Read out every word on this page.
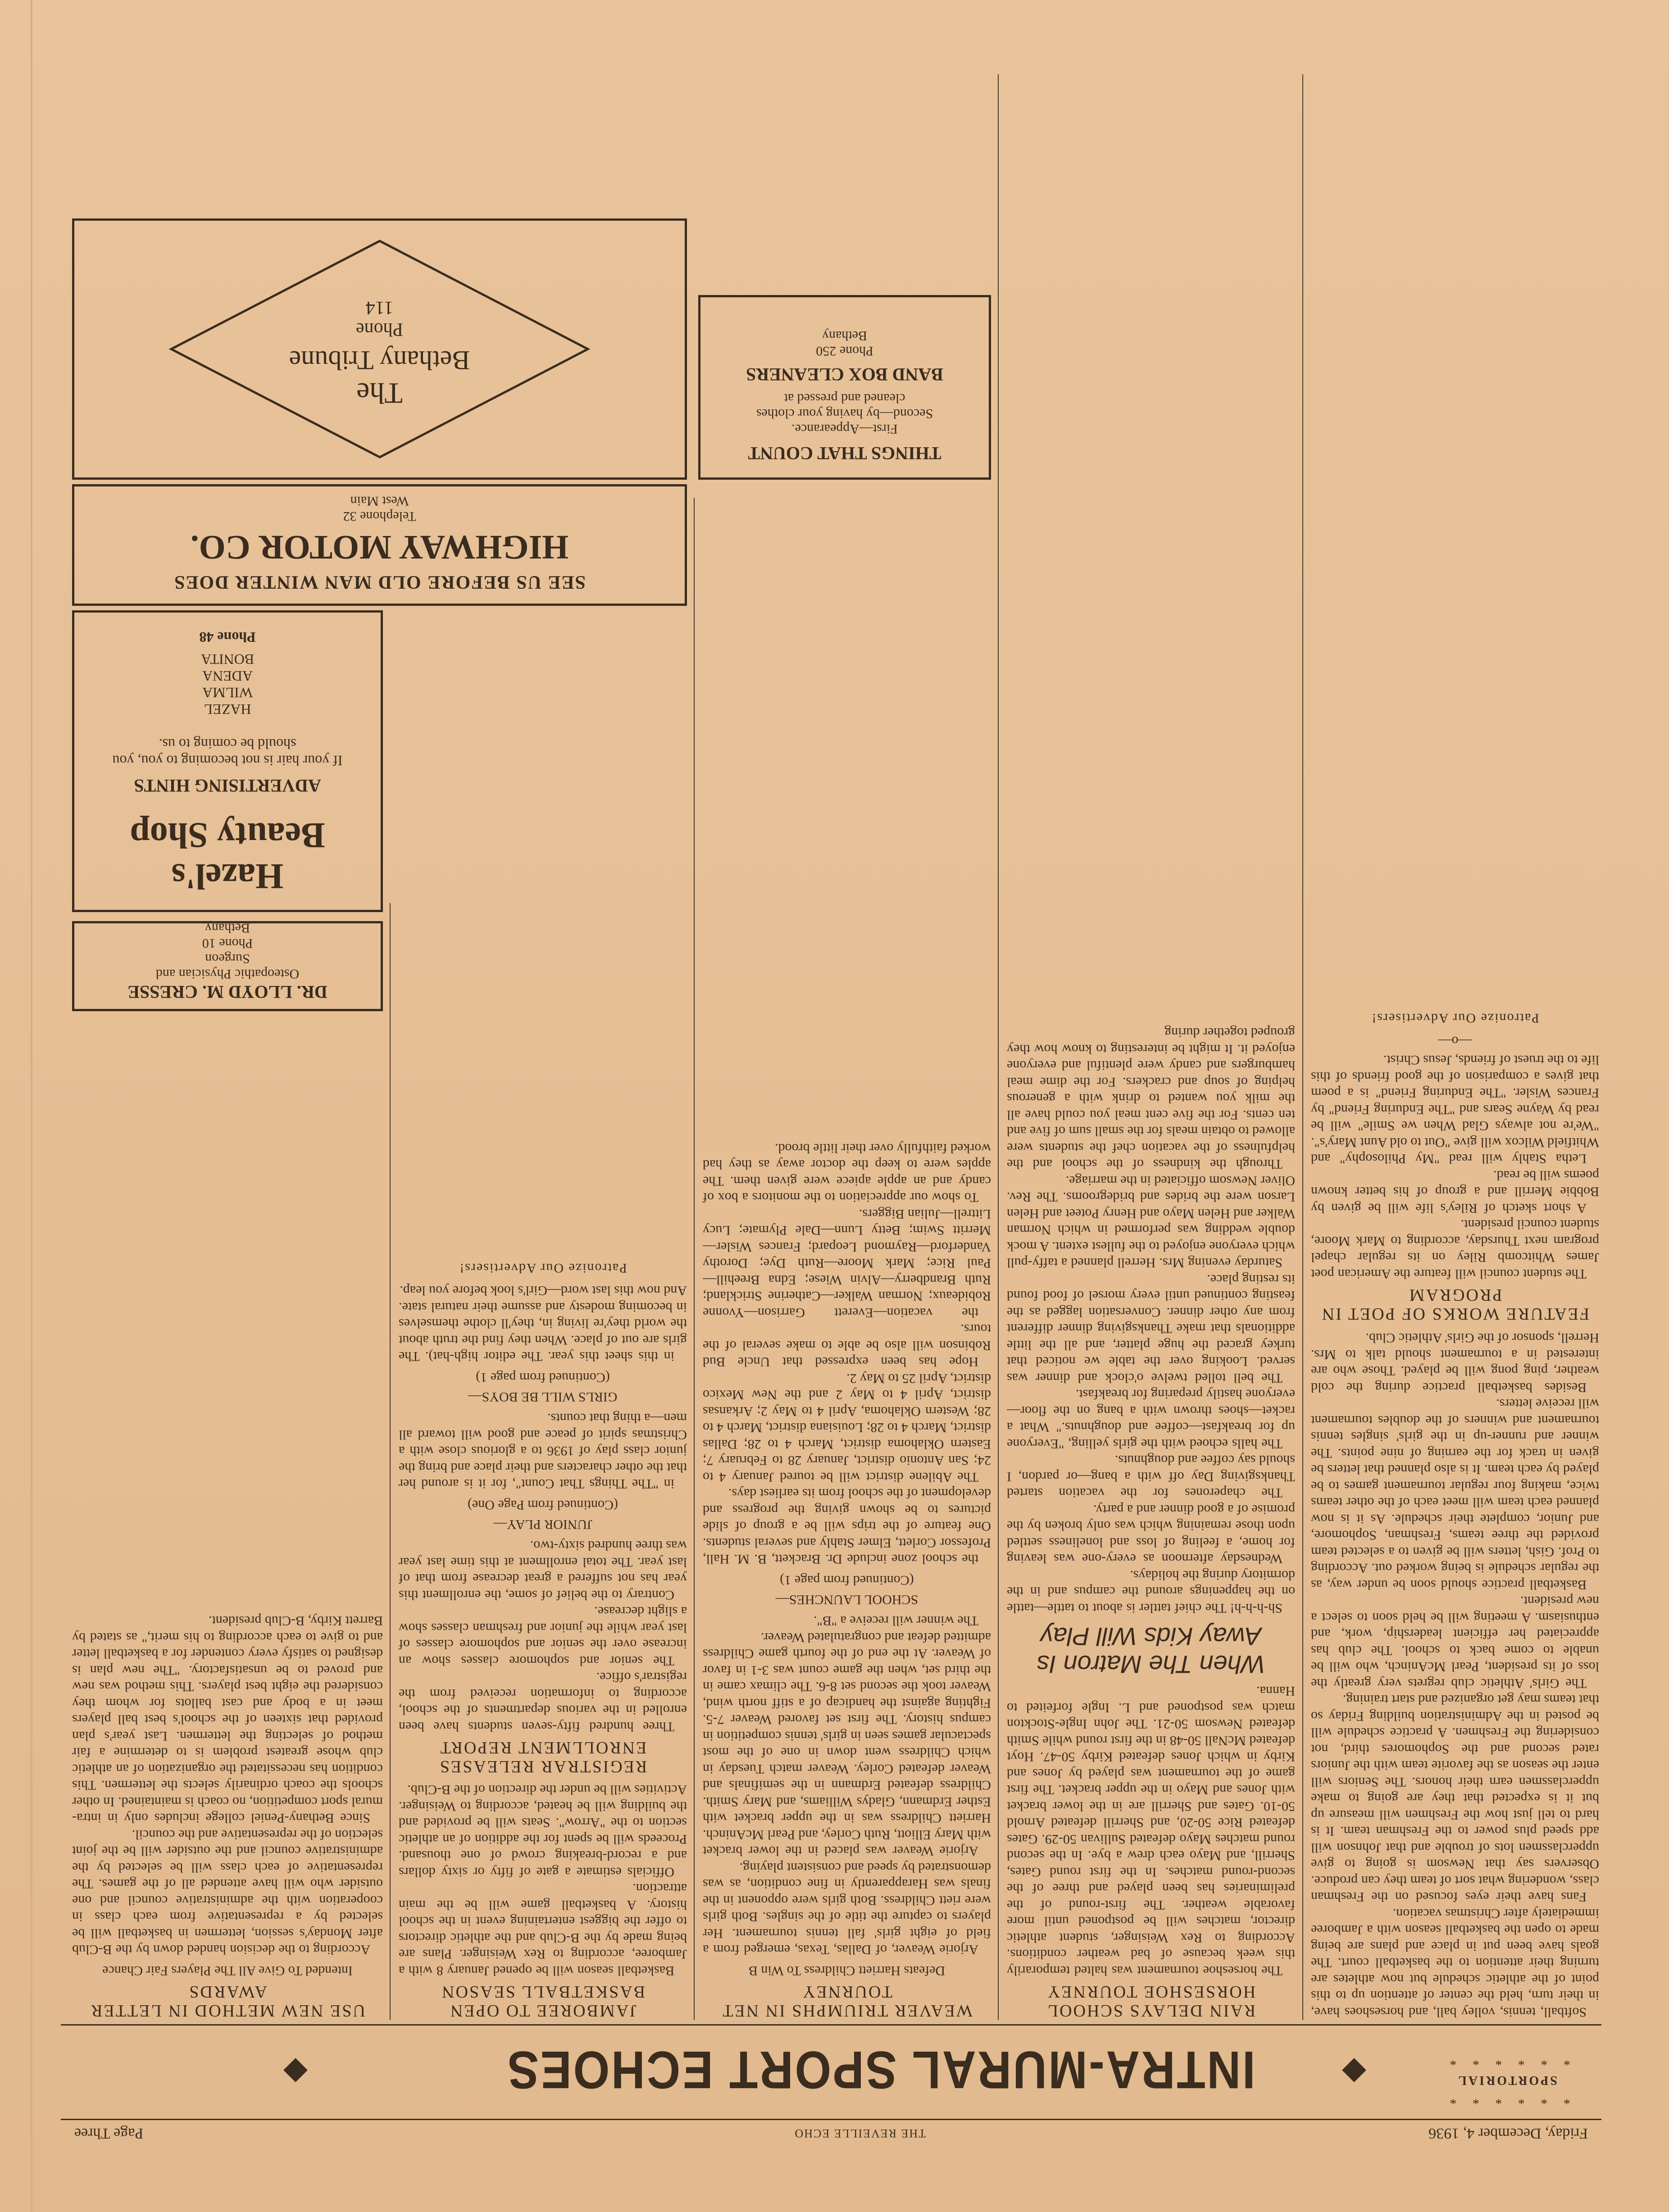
Friday, December 4, 1936
THE REVEILLE ECHO
Page Three
* * * * * *
SPORTORIAL
* * * * * *
INTRA-MURAL SPORT ECHOES

Softball, tennis, volley ball, and horseshoes have, in their turn, held the center of attention up to this point of the athletic schedule but now athletes are turning their attention to the basketball court. The goals have been put in place and plans are being made to open the basketball season with a Jamboree immediately after Christmas vacation.

Fans have their eyes focused on the Freshman class, wondering what sort of team they can produce. Observers say that Newsom is going to give upperclassmen lots of trouble and that Johnson will add speed plus power to the Freshman team. It is hard to tell just how the Freshmen will measure up but it is expected that they are going to make upperclassmen earn their honors. The Seniors will enter the season as the favorite team with the Juniors rated second and the Sophomores third, not considering the Freshmen. A practice schedule will be posted in the Administration building Friday so that teams may get organized and start training.

The Girls' Athletic club regrets very greatly the loss of its president, Pearl McAninch, who will be unable to come back to school. The club has appreciated her efficient leadership, work, and enthusiasm. A meeting will be held soon to select a new president.

Basketball practice should soon be under way, as the regular schedule is being worked out. According to Prof. Gish, letters will be given to a selected team provided the three teams, Freshman, Sophomore, and Junior, complete their schedule. As it is now planned each team will meet each of the other teams twice, making four regular tournament games to be played by each team. It is also planned that letters be given in track for the earning of nine points. The winner and runner-up in the girls' singles tennis tournament and winners of the doubles tournament will receive letters.

Besides basketball practice during the cold weather, ping pong will be played. Those who are interested in a tournament should talk to Mrs. Herrell, sponsor of the Girls' Athletic Club.

FEATURE WORKS OF POET IN PROGRAM

The student council will feature the American poet James Whitcomb Riley on its regular chapel program next Thursday, according to Mark Moore, student council president.

A short sketch of Riley's life will be given by Bobbie Merrill and a group of his better known poems will be read.

Letha Stahly will read "My Philosophy" and Whitfield Wilcox will give "Out to old Aunt Mary's". "We're not always Glad When we Smile" will be read by Wayne Sears and "The Enduring Friend" by Frances Wisler. "The Enduring Friend" is a poem that gives a comparison of the good friends of this life to the truest of friends, Jesus Christ.

—o—
Patronize Our Advertisers!
RAIN DELAYS SCHOOL HORSESHOE TOURNEY

The horseshoe tournament was halted temporarily this week because of bad weather conditions. According to Rex Weisinger, student athletic director, matches will be postponed until more favorable weather. The first-round of the preliminaries has been played and three of the second-round matches. In the first round Gates, Sherrill, and Mayo each drew a bye. In the second round matches Mayo defeated Sullivan 50-29. Gates defeated Rice 50-20, and Sherrill defeated Arnold 50-10. Gates and Sherrill are in the lower bracket with Jones and Mayo in the upper bracket. The first game of the tournament was played by Jones and Kirby in which Jones defeated Kirby 50-47. Hoyt defeated McNall 50-48 in the first round while Smith defeated Newsom 50-21. The John Ingle-Stockton match was postponed and L. Ingle forfeited to Hanna.

When The Matron Is Away Kids Will Play

Sh-h-h-h! The chief tattler is about to tattle—tattle on the happenings around the campus and in the dormitory during the holidays.

Wednesday afternoon as every-one was leaving for home, a feeling of loss and loneliness settled upon those remaining which was only broken by the promise of a good dinner and a party.

The chaperones for the vacation started Thanksgiving Day off with a bang—or pardon, I should say coffee and doughnuts.

The halls echoed with the girls yelling, "Everyone up for breakfast—coffee and doughnuts." What a racket—shoes thrown with a bang on the floor—everyone hastily preparing for breakfast.

The bell tolled twelve o'clock and dinner was served. Looking over the table we noticed that turkey graced the huge platter, and all the little additionals that make Thanksgiving dinner different from any other dinner. Conversation lagged as the feasting continued until every morsel of food found its resting place.

Saturday evening Mrs. Herrell planned a taffy-pull which everyone enjoyed to the fullest extent. A mock double wedding was performed in which Norman Walker and Helen Mayo and Henry Poteet and Helen Larson were the brides and bridegrooms. The Rev. Oliver Newsom officiated in the marriage.

Through the kindness of the school and the helpfulness of the vacation chef the students were allowed to obtain meals for the small sum of five and ten cents. For the five cent meal you could have all the milk you wanted to drink with a generous helping of soup and crackers. For the dime meal hamburgers and candy were plentiful and everyone enjoyed it. It might be interesting to know how they grouped together during

WEAVER TRIUMPHS IN NET TOURNEY
Defeats Harriett Childress To Win B

Arjorie Weaver, of Dallas, Texas, emerged from a field of eight girls' fall tennis tournament. Her players to capture the title of the singles. Both girls were riett Childress. Both girls were opponent in the finals was Harapparently in fine condition, as was demonstrated by speed and consistent playing.

Arjorie Weaver was placed in the lower bracket with Mary Elliott, Ruth Corley, and Pearl McAninch. Harriett Childress was in the upper bracket with Esther Erdmann, Gladys Williams, and Mary Smith. Childress defeated Erdmann in the semifinals and Weaver defeated Corley. Weaver match Tuesday in which Childress went down in one of the most spectacular games seen in girls' tennis competition in campus history. The first set favored Weaver 7-5. Fighting against the handicap of a stiff north wind, Weaver took the second set 8-6. The climax came in the third set, when the game count was 3-1 in favor of Weaver. At the end of the fourth game Childress admitted defeat and congratulated Weaver.

The winner will receive a "B".

SCHOOL LAUNCHES—
(Continued from page 1)

the school zone include Dr. Brackett, B. M. Hall, Professor Corlett, Elmer Stahly and several students. One feature of the trips will be a group of slide pictures to be shown giving the progress and development of the school from its earliest days.

The Abilene district will be toured January 4 to 24; San Antonio district, January 28 to February 7; Eastern Oklahoma district, March 4 to 28; Dallas district, March 4 to 28; Louisiana district, March 4 to 28; Western Oklahoma, April 4 to May 2; Arkansas district, April 4 to May 2 and the New Mexico district, April 25 to May 2.

Hope has been expressed that Uncle Bud Robinson will also be able to make several of the tours.

the vacation—Everett Garrison—Yvonne Robideaux; Norman Walker—Catherine Strickland; Ruth Brandberry—Alvin Wiese; Edna Breehill—Paul Rice; Mark Moore—Ruth Dye; Dorothy Vanderford—Raymond Leopard; Frances Wisler—Merritt Swim; Betty Lunn—Dale Plymate; Lucy Littrell—Julian Biggers.

To show our appreciation to the monitors a box of candy and an apple apiece were given them. The apples were to keep the doctor away as they had worked faithfully over their little brood.

JAMBOREE TO OPEN BASKETBALL SEASON

Basketball season will be opened January 8 with a Jamboree, according to Rex Weisinger. Plans are being made by the B-Club and the athletic directors to offer the biggest entertaining event in the school history. A basketball game will be the main attraction.

Officials estimate a gate of fifty or sixty dollars and a record-breaking crowd of one thousand. Proceeds will be spent for the addition of an athletic section to the "Arrow". Seats will be provided and the building will be heated, according to Weisinger. Activities will be under the direction of the B-Club.

REGISTRAR RELEASES ENROLLMENT REPORT

Three hundred fifty-seven students have been enrolled in the various departments of the school, according to information received from the registrar's office.

The senior and sophomore classes show an increase over the senior and sophomore classes of last year while the junior and freshman classes show a slight decrease.

Contrary to the belief of some, the enrollment this year has not suffered a great decrease from that of last year. The total enrollment at this time last year was three hundred sixty-two.

JUNIOR PLAY—
(Continued from Page One)

in "The Things That Count", for it is around her that the other characters and their place and bring the junior class play of 1936 to a glorious close with a Christmas spirit of peace and good will toward all men—a thing that counts.

GIRLS WILL BE BOYS—
(Continued from page 1)

in this sheet this year. The editor high-hat). The girls are out of place. When they find the truth about the world they're living in, they'll clothe themselves in becoming modesty and assume their natural state. And now this last word—Girl's look before you leap.

Patronize Our Advertisers!
USE NEW METHOD IN LETTER AWARDS
Intended To Give All The Players Fair Chance

According to the decision handed down by the B-Club after Monday's session, lettermen in basketball will be selected by a representative from each class in cooperation with the administrative council and one outsider who will have attended all of the games. The representative of each class will be selected by the administrative council and the outsider will be the joint selection of the representative and the council.

Since Bethany-Peniel college includes only in intra-mural sport competition, no coach is maintained. In other schools the coach ordinarily selects the lettermen. This condition has necessitated the organization of an athletic club whose greatest problem is to determine a fair method of selecting the lettermen. Last year's plan provided that sixteen of the school's best ball players meet in a body and cast ballots for whom they considered the eight best players. This method was new and proved to be unsatisfactory. "The new plan is designed to satisfy every contender for a basketball letter and to give to each according to his merit," as stated by Barrett Kirby, B-Club president.

DR. LLOYD M. CRESSE
Osteopathic Physician and
Surgeon
Phone 10
Bethany
Hazel's
Beauty Shop
ADVERTISING HINTS
If your hair is not becoming to you, you
should be coming to us.
HAZEL
WILMA
ADENA
BONITA
Phone 48
SEE US BEFORE OLD MAN WINTER DOES
HIGHWAY MOTOR CO.
Telephone 32
West Main
THINGS THAT COUNT
First—Appearance.
Second—by having your clothes
cleaned and pressed at
BAND BOX CLEANERS
Phone 250
Bethany
The
Bethany Tribune
Phone
114
